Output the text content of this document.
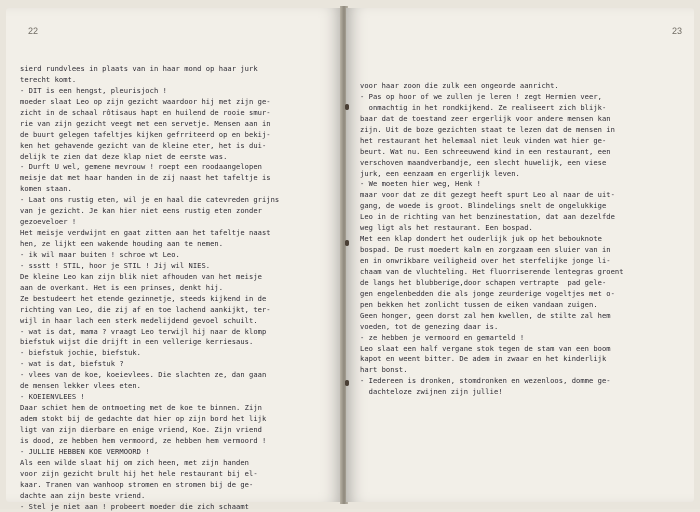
22
sierd rundvlees in plaats van in haar mond op haar jurk
terecht komt.
- DIT is een hengst, pleurisjoch !
moeder slaat Leo op zijn gezicht waardoor hij met zijn ge-
zicht in de schaal rôtisaus hapt en huilend de rooie smur-
rie van zijn gezicht veegt met een servetje. Mensen aan in
de buurt gelegen tafeltjes kijken gefrriteerd op en bekij-
ken het gehavende gezicht van de kleine eter, het is dui-
delijk te zien dat deze klap niet de eerste was.
- Durft U wel, gemene mevrouw ! roept een roodaangelopen
meisje dat met haar handen in de zij naast het tafeltje is
komen staan.
- Laat ons rustig eten, wil je en haal die catevreden grijns
van je gezicht. Je kan hier niet eens rustig eten zonder
gezoeveloer !
Het meisje verdwijnt en gaat zitten aan het tafeltje naast
hen, ze lijkt een wakende houding aan te nemen.
- ik wil maar buiten ! schroe wt Leo.
- ssstt ! STIL, hoor je STIL ! Jij wil NIES.
De kleine Leo kan zijn blik niet afhouden van het meisje
aan de overkant. Het is een prinses, denkt hij.
Ze bestudeert het etende gezinnetje, steeds kijkend in de
richting van Leo, die zij af en toe lachend aankijkt, ter-
wijl in haar lach een sterk medelijdend gevoel schuilt.
- wat is dat, mama ? vraagt Leo terwijl hij naar de klomp
biefstuk wijst die drijft in een vellerige kerriesaus.
- biefstuk jochie, biefstuk.
- wat is dat, biefstuk ?
- vlees van de koe, koeievlees. Die slachten ze, dan gaan
de mensen lekker vlees eten.
- KOEIENVLEES !
Daar schiet hem de ontmoeting met de koe te binnen. Zijn
adem stokt bij de gedachte dat hier op zijn bord het lijk
ligt van zijn dierbare en enige vriend, Koe. Zijn vriend
is dood, ze hebben hem vermoord, ze hebben hem vermoord !
- JULLIE HEBBEN KOE VERMOORD !
Als een wilde slaat hij om zich heen, met zijn handen
voor zijn gezicht brult hij het hele restaurant bij el-
kaar. Tranen van wanhoop stromen en stromen bij de ge-
dachte aan zijn beste vriend.
- Stel je niet aan ! probeert moeder die zich schaamt
23
voor haar zoon die zulk een ongeorde aanricht.
- Pas op hoor of we zullen je leren ! zegt Hermien veer,
onmachtig in het rondkijkend. Ze realiseert zich blijk-
baar dat de toestand zeer ergerlijk voor andere mensen kan
zijn. Uit de boze gezichten staat te lezen dat de mensen in
het restaurant het helemaal niet leuk vinden wat hier ge-
beurt. Wat nu. Een schreeuwend kind in een restaurant, een
verschoven maandverbandje, een slecht huwelijk, een viese
jurk, een eenzaam en ergerlijk leven.
- We moeten hier weg, Henk !
maar voor dat ze dit gezegt heeft spurt Leo al naar de uit-
gang, de woede is groot. Blindelings snelt de ongelukkige
Leo in de richting van het benzinestation, dat aan dezelfde
weg ligt als het restaurant. Een bospad.
Met een klap dondert het ouderlijk juk op het bebouknote
bospad. De rust moedert kalm en zorgzaam een sluier van in
en in onwrikbare veiligheid over het sterfelijke jonge li-
chaam van de vluchteling. Het fluorriserende lentegras groent
de langs het blubberige,door schapen vertrapte  pad gele-
gen engelenbedden die als jonge zeurderige vogeltjes met o-
pen bekken het zonlicht tussen de eiken vandaan zuigen.
Geen honger, geen dorst zal hem kwellen, de stilte zal hem
voeden, tot de genezing daar is.
- ze hebben je vermoord en gemarteld !
Leo slaat een half vergane stok tegen de stam van een boom
kapot en weent bitter. De adem in zwaar en het kinderlijk
hart bonst.
- Iedereen is dronken, stomdronken en wezenloos, domme ge-
dachteloze zwijnen zijn jullie!
